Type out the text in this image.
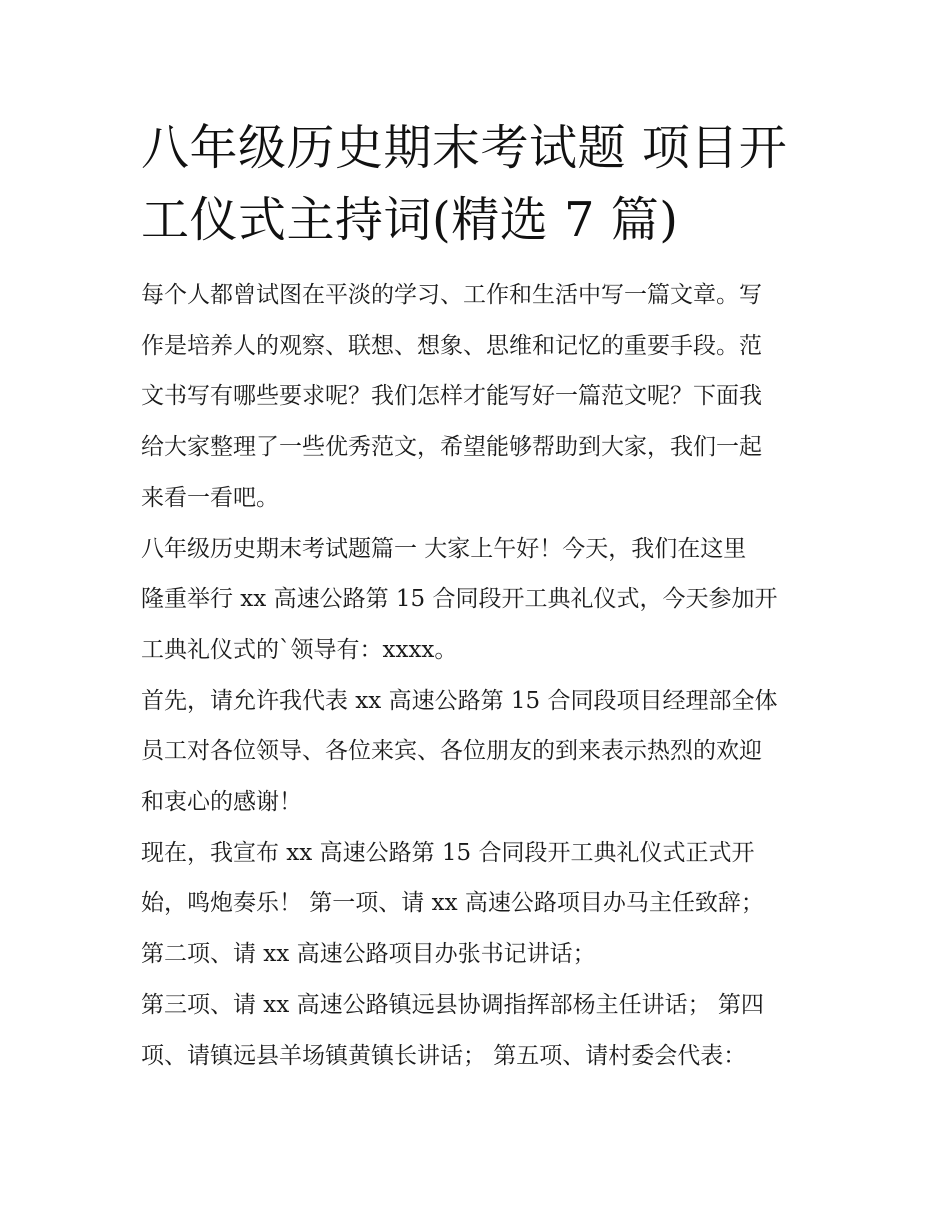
八年级历史期末考试题 项目开
工仪式主持词(精选 7 篇)

每个人都曾试图在平淡的学习、工作和生活中写一篇文章。写
作是培养人的观察、联想、想象、思维和记忆的重要手段。范
文书写有哪些要求呢？我们怎样才能写好一篇范文呢？下面我
给大家整理了一些优秀范文，希望能够帮助到大家，我们一起
来看一看吧。

八年级历史期末考试题篇一 大家上午好！今天，我们在这里
隆重举行 xx 高速公路第 15 合同段开工典礼仪式，今天参加开
工典礼仪式的`领导有：xxxx。

首先，请允许我代表 xx 高速公路第 15 合同段项目经理部全体
员工对各位领导、各位来宾、各位朋友的到来表示热烈的欢迎
和衷心的感谢！

现在，我宣布 xx 高速公路第 15 合同段开工典礼仪式正式开
始，鸣炮奏乐！ 第一项、请 xx 高速公路项目办马主任致辞；
第二项、请 xx 高速公路项目办张书记讲话；

第三项、请 xx 高速公路镇远县协调指挥部杨主任讲话； 第四
项、请镇远县羊场镇黄镇长讲话； 第五项、请村委会代表：
